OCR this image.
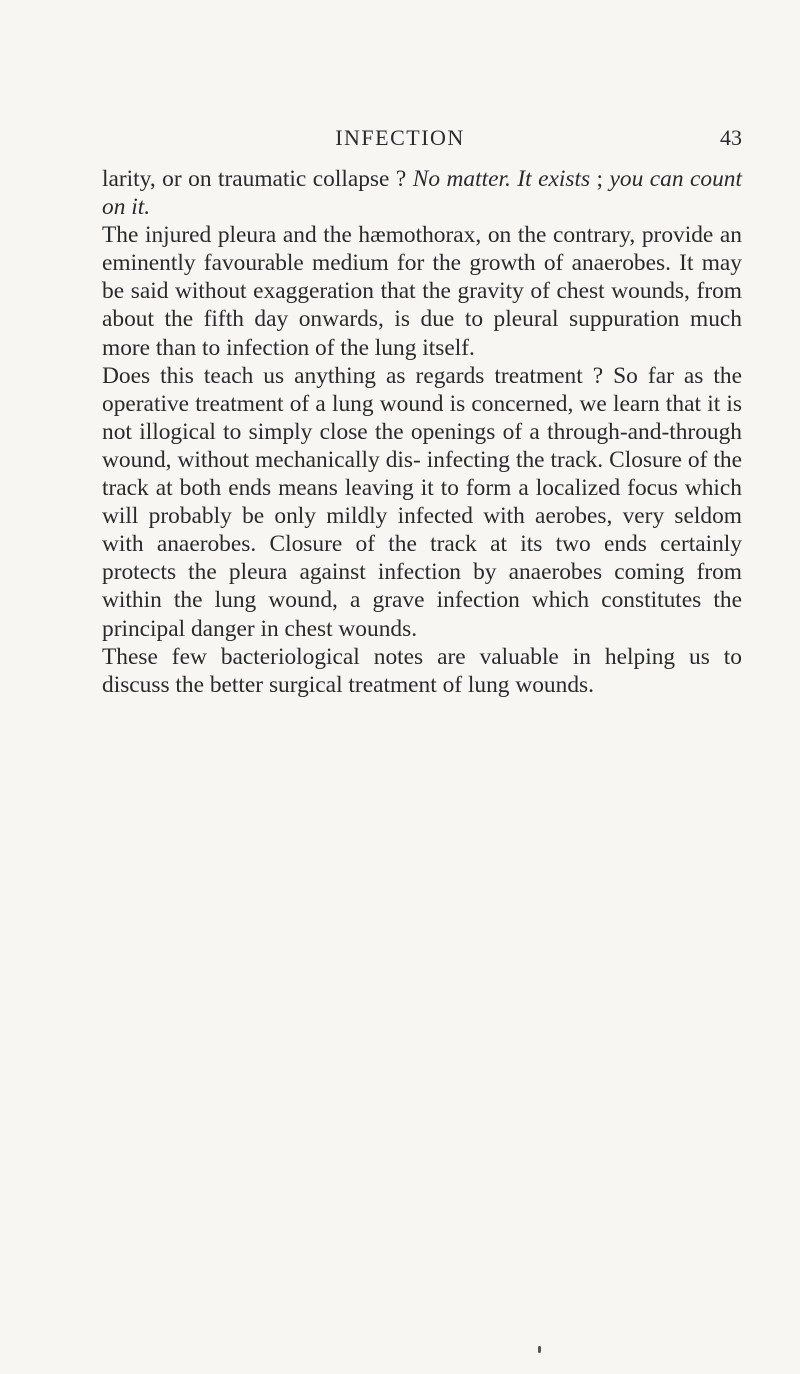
INFECTION	43

larity, or on traumatic collapse ? No matter. It exists ; you can count on it.

The injured pleura and the hæmothorax, on the contrary, provide an eminently favourable medium for the growth of anaerobes. It may be said without exaggeration that the gravity of chest wounds, from about the fifth day onwards, is due to pleural suppuration much more than to infection of the lung itself.

Does this teach us anything as regards treatment ? So far as the operative treatment of a lung wound is concerned, we learn that it is not illogical to simply close the openings of a through-and-through wound, without mechanically dis- infecting the track. Closure of the track at both ends means leaving it to form a localized focus which will probably be only mildly infected with aerobes, very seldom with anaerobes. Closure of the track at its two ends certainly protects the pleura against infection by anaerobes coming from within the lung wound, a grave infection which constitutes the principal danger in chest wounds.

These few bacteriological notes are valuable in helping us to discuss the better surgical treatment of lung wounds.
